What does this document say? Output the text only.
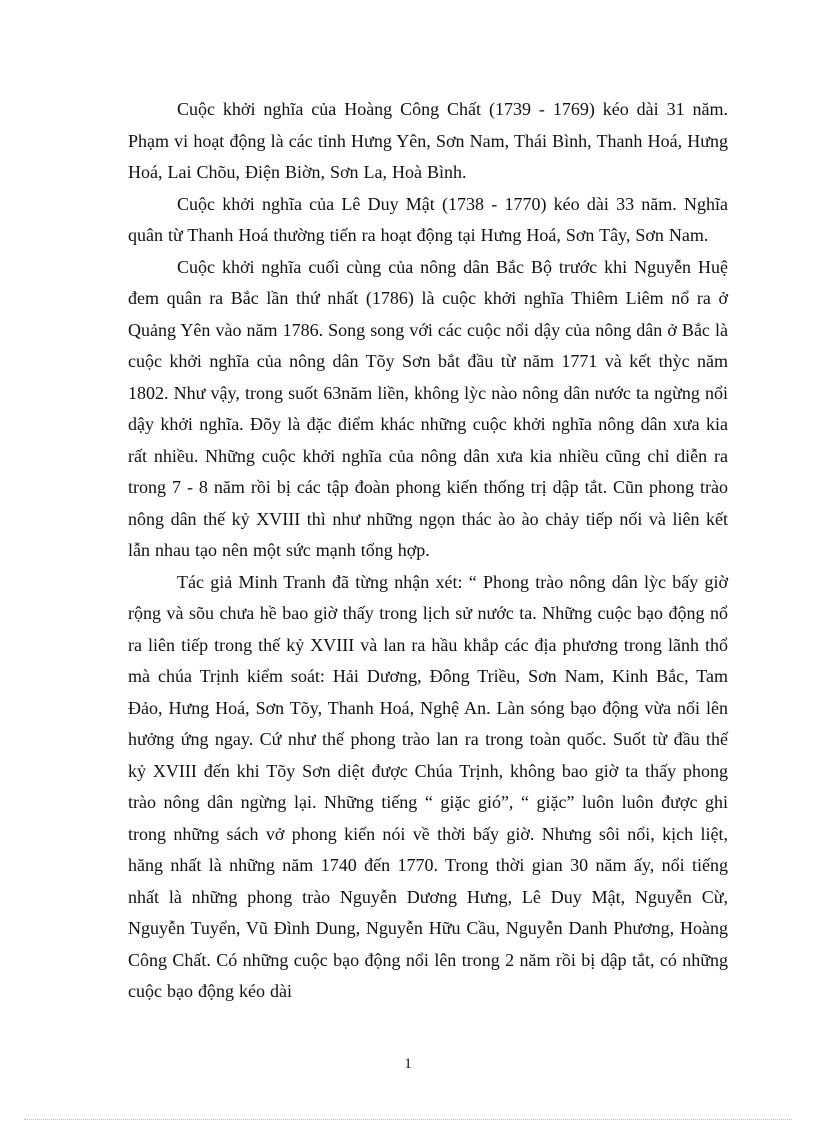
Cuộc khởi nghĩa của Hoàng Công Chất (1739 - 1769) kéo dài 31 năm. Phạm vi hoạt động là các tỉnh Hưng Yên, Sơn Nam, Thái Bình, Thanh Hoá, Hưng Hoá, Lai Chõu, Điện Biờn, Sơn La, Hoà Bình.

Cuộc khởi nghĩa của Lê Duy Mật (1738 - 1770) kéo dài 33 năm. Nghĩa quân từ Thanh Hoá thường tiến ra hoạt động tại Hưng Hoá, Sơn Tây, Sơn Nam.

Cuộc khởi nghĩa cuối cùng của nông dân Bắc Bộ trước khi Nguyễn Huệ đem quân ra Bắc lần thứ nhất (1786) là cuộc khởi nghĩa Thiêm Liêm nổ ra ở Quảng Yên vào năm 1786. Song song với các cuộc nổi dậy của nông dân ở Bắc là cuộc khởi nghĩa của nông dân Tõy Sơn bắt đầu từ năm 1771 và kết thỳc năm 1802. Như vậy, trong suốt 63năm liền, không lỳc nào nông dân nước ta ngừng nổi dậy khởi nghĩa. Đõy là đặc điểm khác những cuộc khởi nghĩa nông dân xưa kia rất nhiều. Những cuộc khởi nghĩa của nông dân xưa kia nhiều cũng chỉ diễn ra trong 7 - 8 năm rồi bị các tập đoàn phong kiến thống trị dập tắt. Cũn phong trào nông dân thế kỷ XVIII thì như những ngọn thác ào ào chảy tiếp nối và liên kết lẫn nhau tạo nên một sức mạnh tổng hợp.

Tác giả Minh Tranh đã từng nhận xét: “ Phong trào nông dân lỳc bấy giờ rộng và sõu chưa hề bao giờ thấy trong lịch sử nước ta. Những cuộc bạo động nổ ra liên tiếp trong thế kỷ XVIII và lan ra hầu khắp các địa phương trong lãnh thổ mà chúa Trịnh kiểm soát: Hải Dương, Đông Triều, Sơn Nam, Kinh Bắc, Tam Đảo, Hưng Hoá, Sơn Tõy, Thanh Hoá, Nghệ An. Làn sóng bạo động vừa nổi lên hưởng ứng ngay. Cứ như thế phong trào lan ra trong toàn quốc. Suốt từ đầu thế kỷ XVIII đến khi Tõy Sơn diệt được Chúa Trịnh, không bao giờ ta thấy phong trào nông dân ngừng lại. Những tiếng “ giặc gió”, “ giặc” luôn luôn được ghi trong những sách vở phong kiến nói về thời bấy giờ. Nhưng sôi nổi, kịch liệt, hăng nhất là những năm 1740 đến 1770. Trong thời gian 30 năm ấy, nổi tiếng nhất là những phong trào Nguyễn Dương Hưng, Lê Duy Mật, Nguyễn Cừ, Nguyễn Tuyển, Vũ Đình Dung, Nguyễn Hữu Cầu, Nguyễn Danh Phương, Hoàng Công Chất. Có những cuộc bạo động nổi lên trong 2 năm rồi bị dập tắt, có những cuộc bạo động kéo dài

1
